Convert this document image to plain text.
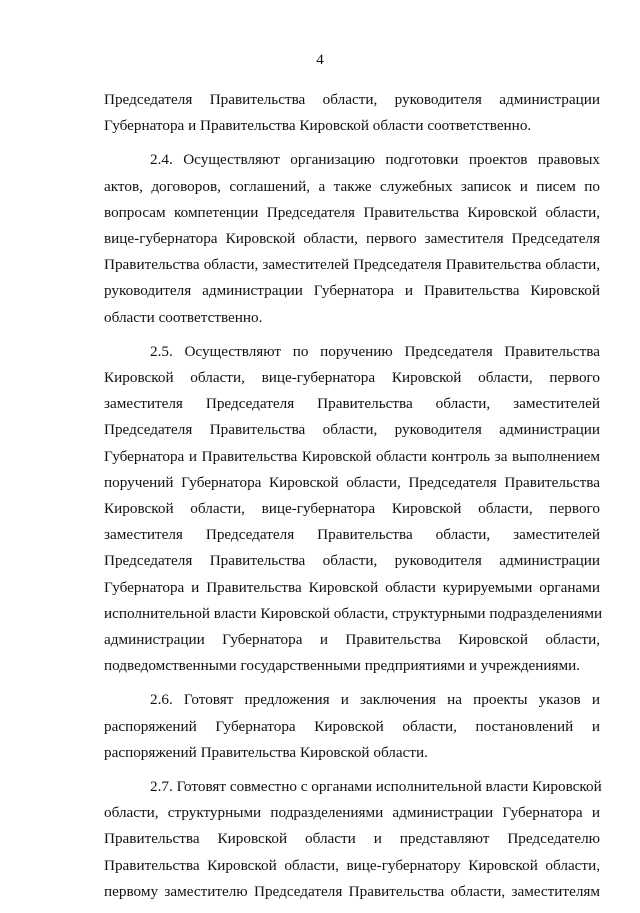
4
Председателя Правительства области, руководителя администрации
Губернатора и Правительства Кировской области соответственно.
2.4. Осуществляют организацию подготовки проектов правовых
актов, договоров, соглашений, а также служебных записок и писем по
вопросам компетенции Председателя Правительства Кировской области,
вице-губернатора Кировской области, первого заместителя Председателя
Правительства области, заместителей Председателя Правительства области,
руководителя администрации Губернатора и Правительства Кировской
области соответственно.
2.5. Осуществляют по поручению Председателя Правительства
Кировской области, вице-губернатора Кировской области, первого
заместителя Председателя Правительства области, заместителей
Председателя Правительства области, руководителя администрации
Губернатора и Правительства Кировской области контроль за выполнением
поручений Губернатора Кировской области, Председателя Правительства
Кировской области, вице-губернатора Кировской области, первого
заместителя Председателя Правительства области, заместителей
Председателя Правительства области, руководителя администрации
Губернатора и Правительства Кировской области курируемыми органами
исполнительной власти Кировской области, структурными подразделениями
администрации Губернатора и Правительства Кировской области,
подведомственными государственными предприятиями и учреждениями.
2.6. Готовят предложения и заключения на проекты указов и
распоряжений Губернатора Кировской области, постановлений и
распоряжений Правительства Кировской области.
2.7. Готовят совместно с органами исполнительной власти Кировской
области, структурными подразделениями администрации Губернатора и
Правительства Кировской области и представляют Председателю
Правительства Кировской области, вице-губернатору Кировской области,
первому заместителю Председателя Правительства области, заместителям
